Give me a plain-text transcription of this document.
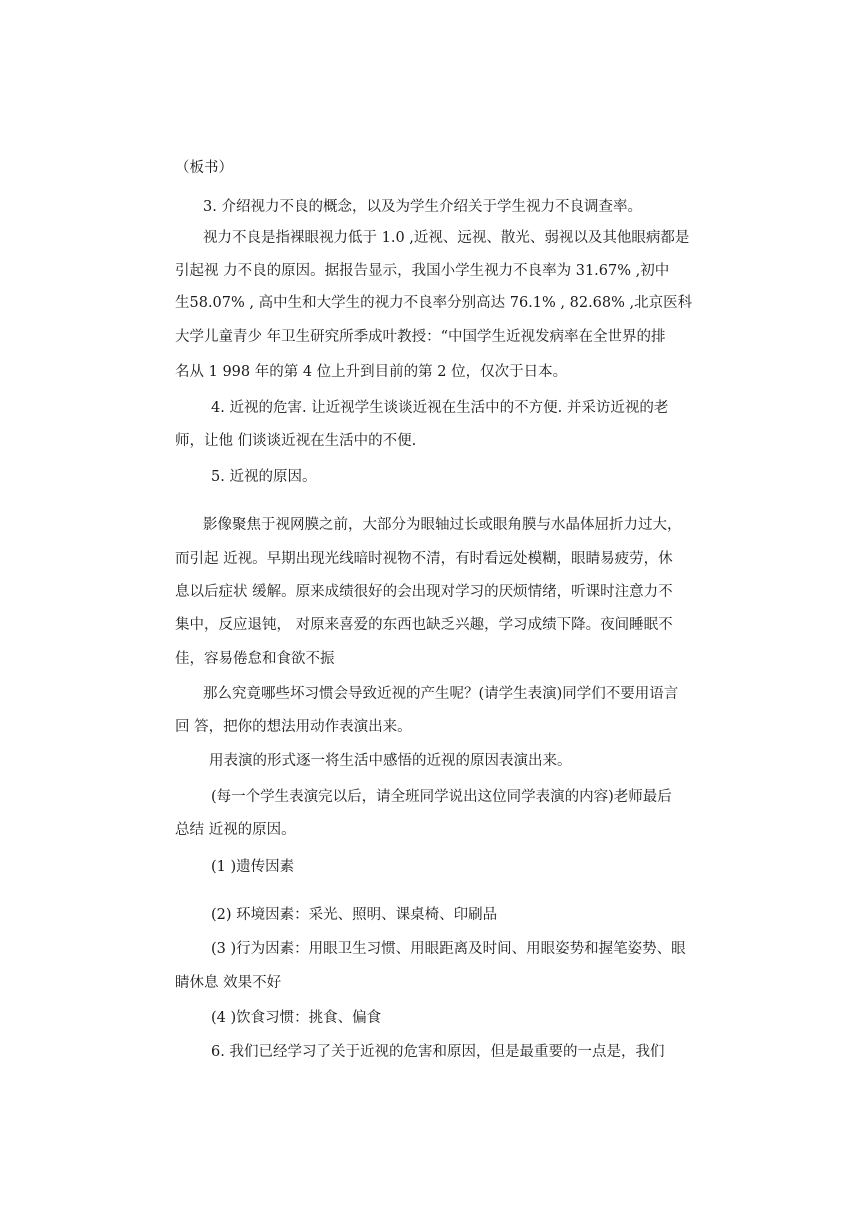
（板书）
3. 介绍视力不良的概念，以及为学生介绍关于学生视力不良调查率。
视力不良是指裸眼视力低于 1.0 ,近视、远视、散光、弱视以及其他眼病都是
引起视 力不良的原因。据报告显示，我国小学生视力不良率为 31.67% ,初中
生58.07% , 高中生和大学生的视力不良率分别高达 76.1% , 82.68% ,北京医科
大学儿童青少 年卫生研究所季成叶教授：“中国学生近视发病率在全世界的排
名从 1 998 年的第 4 位上升到目前的第 2 位，仅次于日本。
4. 近视的危害. 让近视学生谈谈近视在生活中的不方便. 并采访近视的老
师，让他 们谈谈近视在生活中的不便.
5. 近视的原因。
影像聚焦于视网膜之前，大部分为眼轴过长或眼角膜与水晶体屈折力过大，
而引起 近视。早期出现光线暗时视物不清，有时看远处模糊，眼睛易疲劳，休
息以后症状 缓解。原来成绩很好的会出现对学习的厌烦情绪，听课时注意力不
集中，反应退钝， 对原来喜爱的东西也缺乏兴趣，学习成绩下降。夜间睡眠不
佳，容易倦怠和食欲不振
那么究竟哪些坏习惯会导致近视的产生呢？(请学生表演)同学们不要用语言
回 答，把你的想法用动作表演出来。
用表演的形式逐一将生活中感悟的近视的原因表演出来。
(每一个学生表演完以后，请全班同学说出这位同学表演的内容)老师最后
总结 近视的原因。
(1 )遗传因素
(2) 环境因素：采光、照明、课桌椅、印刷品
(3 )行为因素：用眼卫生习惯、用眼距离及时间、用眼姿势和握笔姿势、眼
睛休息 效果不好
(4 )饮食习惯：挑食、偏食
6. 我们已经学习了关于近视的危害和原因，但是最重要的一点是，我们
